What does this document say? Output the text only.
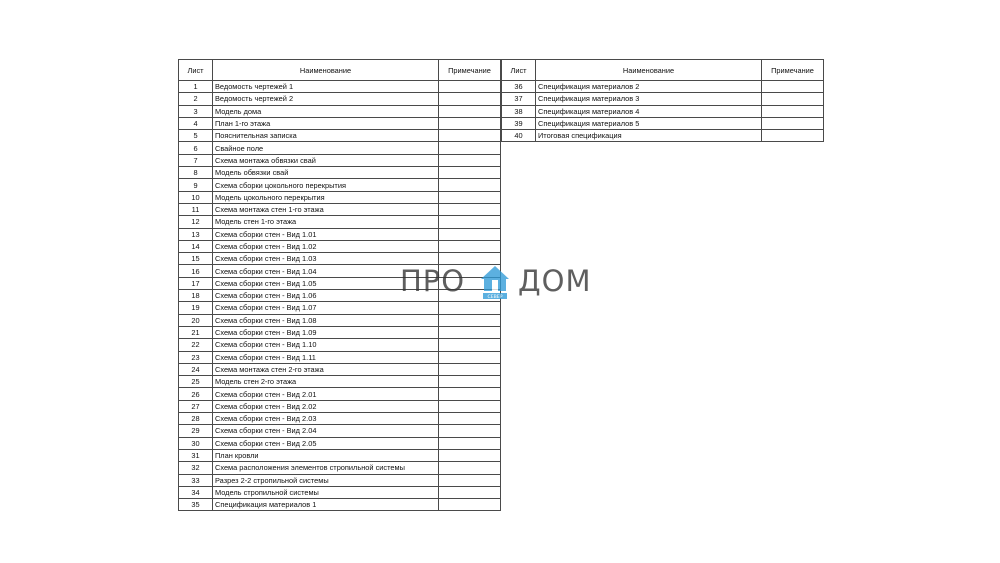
Лист	Наименование	Примечание
1	Ведомость чертежей 1	
2	Ведомость чертежей 2	
3	Модель дома	
4	План 1-го этажа	
5	Пояснительная записка	
6	Свайное поле	
7	Схема монтажа обвязки свай	
8	Модель обвязки свай	
9	Схема сборки цокольного перекрытия	
10	Модель цокольного перекрытия	
11	Схема монтажа стен 1-го этажа	
12	Модель стен 1-го этажа	
13	Схема сборки стен - Вид 1.01	
14	Схема сборки стен - Вид 1.02	
15	Схема сборки стен - Вид 1.03	
16	Схема сборки стен - Вид 1.04	
17	Схема сборки стен - Вид 1.05	
18	Схема сборки стен - Вид 1.06	
19	Схема сборки стен - Вид 1.07	
20	Схема сборки стен - Вид 1.08	
21	Схема сборки стен - Вид 1.09	
22	Схема сборки стен - Вид 1.10	
23	Схема сборки стен - Вид 1.11	
24	Схема монтажа стен 2-го этажа	
25	Модель стен 2-го этажа	
26	Схема сборки стен - Вид 2.01	
27	Схема сборки стен - Вид 2.02	
28	Схема сборки стен - Вид 2.03	
29	Схема сборки стен - Вид 2.04	
30	Схема сборки стен - Вид 2.05	
31	План кровли	
32	Схема расположения элементов стропильной системы	
33	Разрез 2-2 стропильной системы	
34	Модель стропильной системы	
35	Спецификация материалов 1	
Лист	Наименование	Примечание
36	Спецификация материалов 2	
37	Спецификация материалов 3	
38	Спецификация материалов 4	
39	Спецификация материалов 5	
40	Итоговая спецификация	
ПРО	СЕВЕР ДОМ
